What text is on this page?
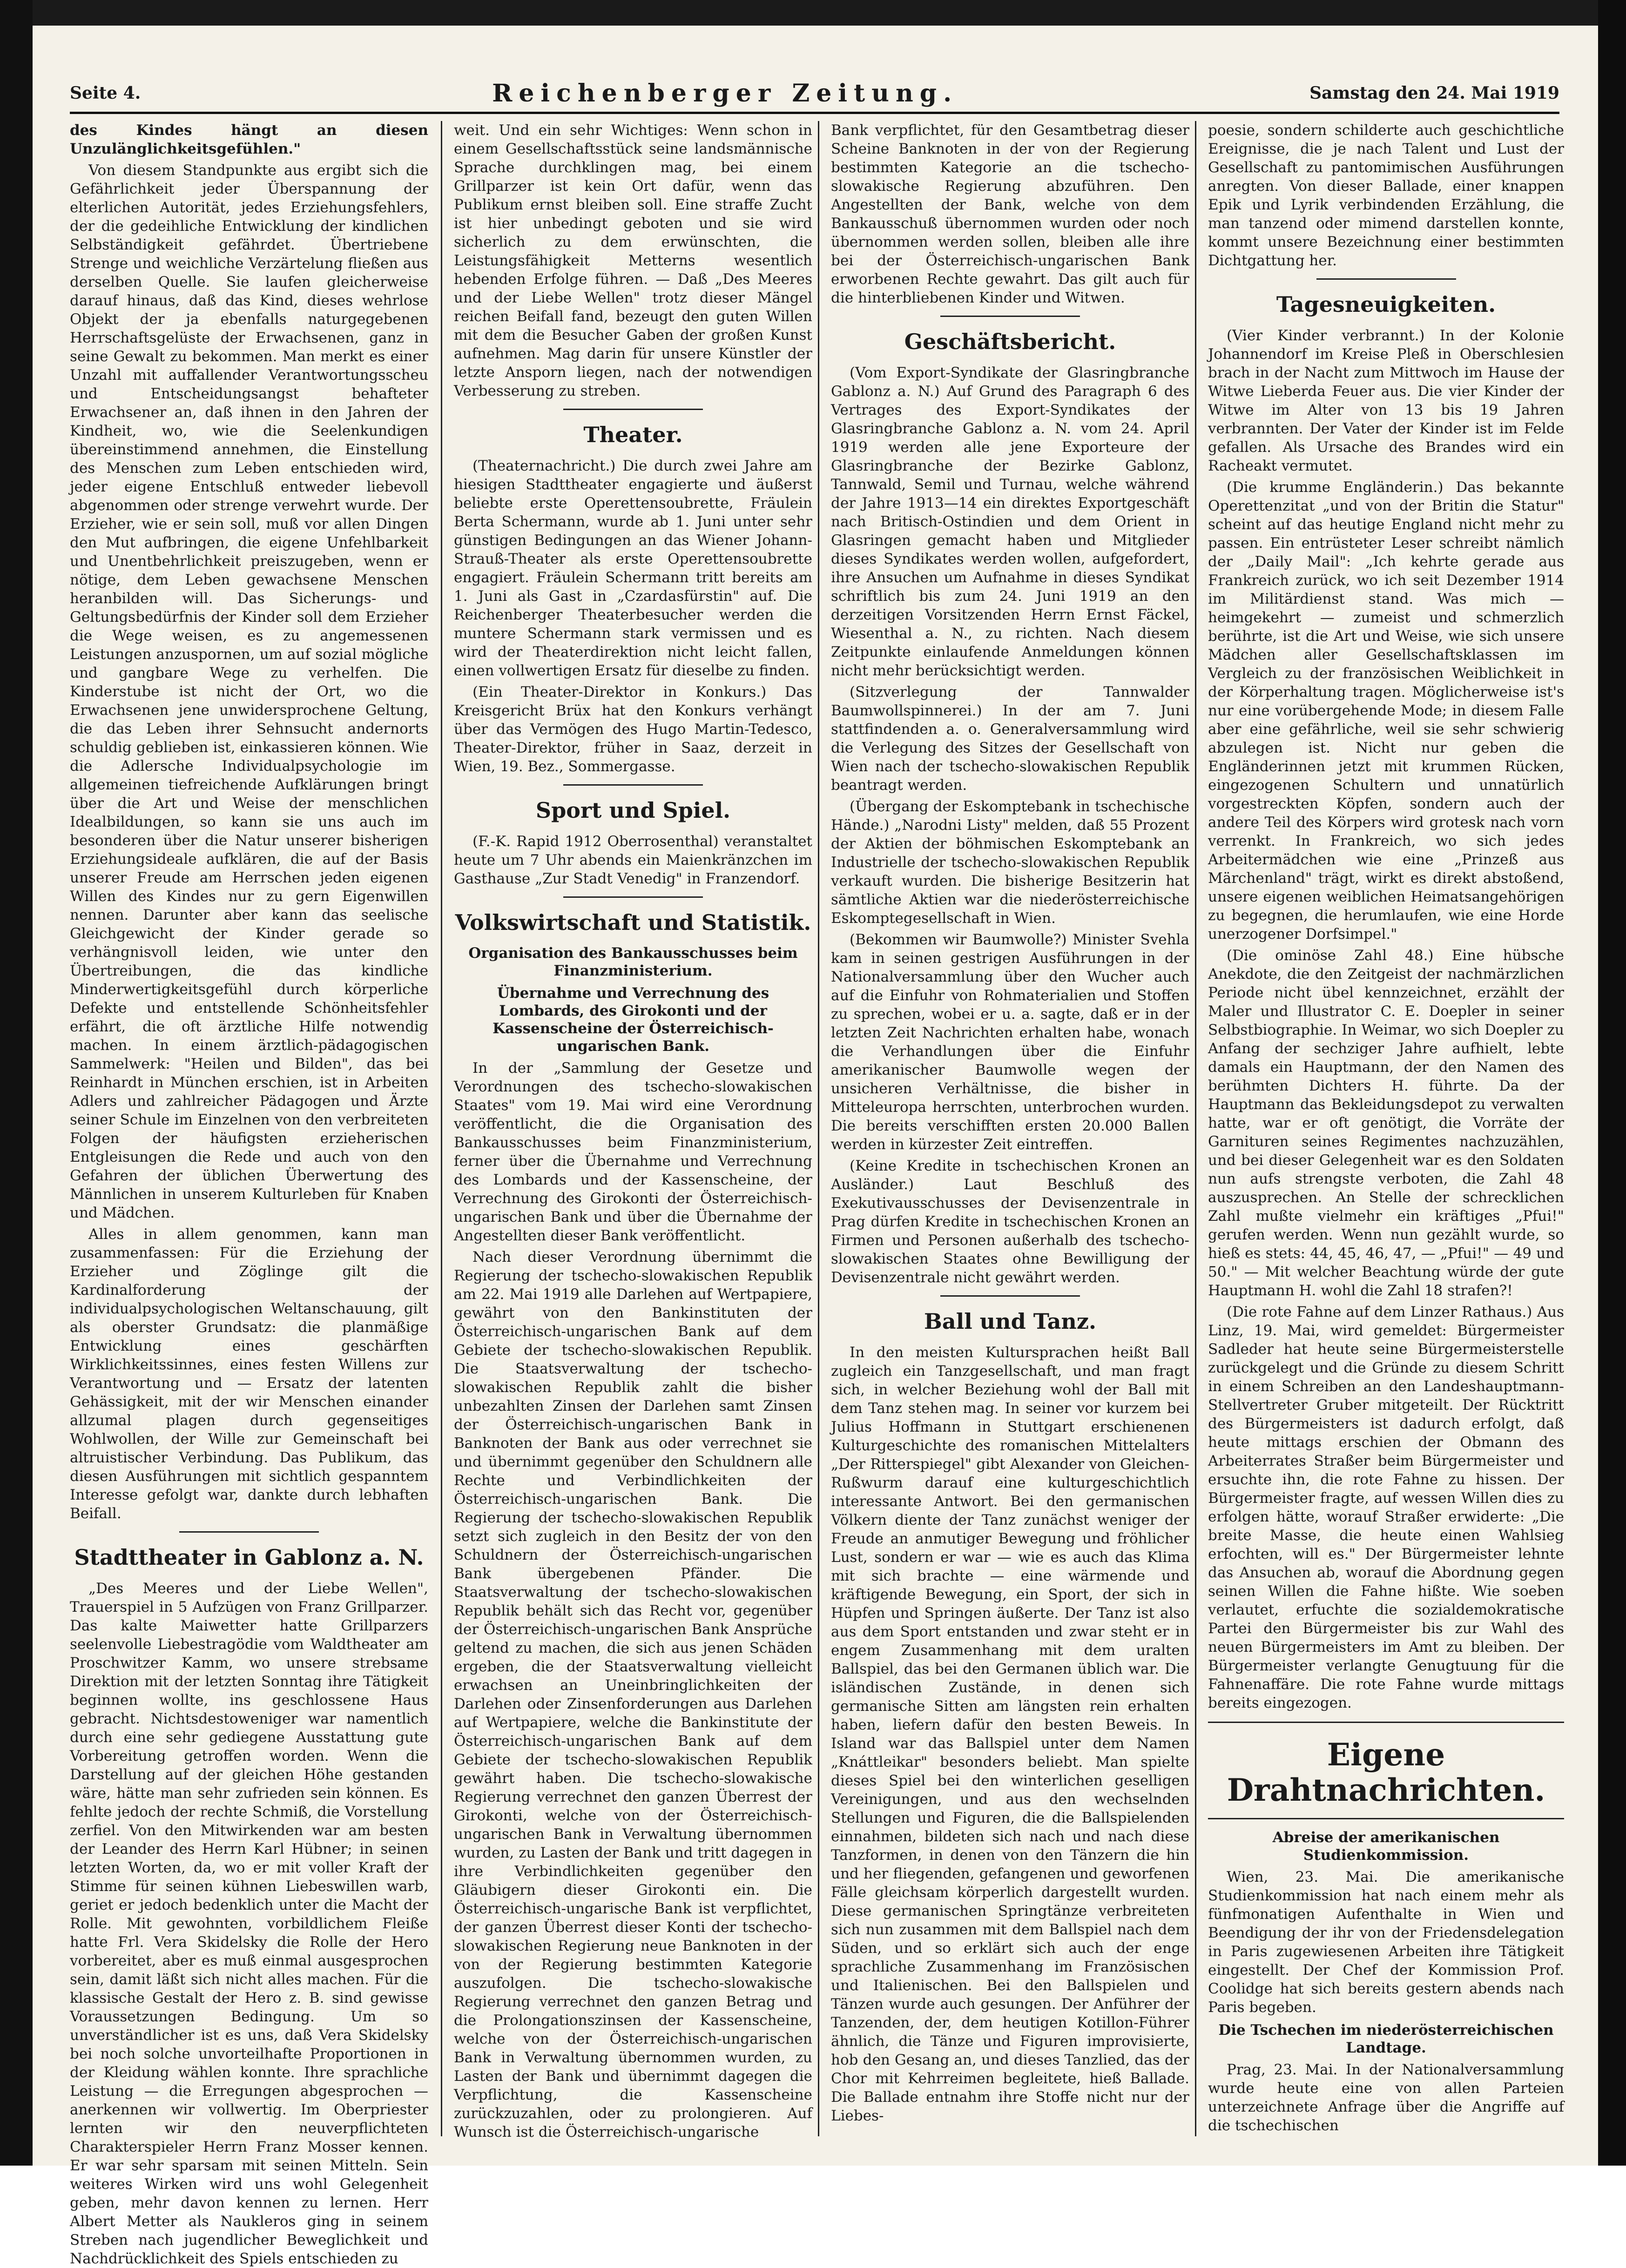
Seite 4.	Reichenberger Zeitung.	Samstag den 24. Mai 1919

des Kindes hängt an diesen Unzulänglichkeitsgefühlen."

Von diesem Standpunkte aus ergibt sich die Gefährlichkeit jeder Überspannung der elterlichen Autorität, jedes Erziehungsfehlers, der die gedeihliche Entwicklung der kindlichen Selbständigkeit gefährdet. Übertriebene Strenge und weichliche Verzärtelung fließen aus derselben Quelle. Sie laufen gleicherweise darauf hinaus, daß das Kind, dieses wehrlose Objekt der ja ebenfalls naturgegebenen Herrschaftsgelüste der Erwachsenen, ganz in seine Gewalt zu bekommen. Man merkt es einer Unzahl mit auffallender Verantwortungsscheu und Entscheidungsangst behafteter Erwachsener an, daß ihnen in den Jahren der Kindheit, wo, wie die Seelenkundigen übereinstimmend annehmen, die Einstellung des Menschen zum Leben entschieden wird, jeder eigene Entschluß entweder liebevoll abgenommen oder strenge verwehrt wurde. Der Erzieher, wie er sein soll, muß vor allen Dingen den Mut aufbringen, die eigene Unfehlbarkeit und Unentbehrlichkeit preiszugeben, wenn er nötige, dem Leben gewachsene Menschen heranbilden will. Das Sicherungs- und Geltungsbedürfnis der Kinder soll dem Erzieher die Wege weisen, es zu angemessenen Leistungen anzuspornen, um auf sozial mögliche und gangbare Wege zu verhelfen. Die Kinderstube ist nicht der Ort, wo die Erwachsenen jene unwidersprochene Geltung, die das Leben ihrer Sehnsucht andernorts schuldig geblieben ist, einkassieren können. Wie die Adlersche Individualpsychologie im allgemeinen tiefreichende Aufklärungen bringt über die Art und Weise der menschlichen Idealbildungen, so kann sie uns auch im besonderen über die Natur unserer bisherigen Erziehungsideale aufklären, die auf der Basis unserer Freude am Herrschen jeden eigenen Willen des Kindes nur zu gern Eigenwillen nennen. Darunter aber kann das seelische Gleichgewicht der Kinder gerade so verhängnisvoll leiden, wie unter den Übertreibungen, die das kindliche Minderwertigkeitsgefühl durch körperliche Defekte und entstellende Schönheitsfehler erfährt, die oft ärztliche Hilfe notwendig machen. In einem ärztlich-pädagogischen Sammelwerk: "Heilen und Bilden", das bei Reinhardt in München erschien, ist in Arbeiten Adlers und zahlreicher Pädagogen und Ärzte seiner Schule im Einzelnen von den verbreiteten Folgen der häufigsten erzieherischen Entgleisungen die Rede und auch von den Gefahren der üblichen Überwertung des Männlichen in unserem Kulturleben für Knaben und Mädchen.

Alles in allem genommen, kann man zusammenfassen: Für die Erziehung der Erzieher und Zöglinge gilt die Kardinalforderung der individualpsychologischen Weltanschauung, gilt als oberster Grundsatz: die planmäßige Entwicklung eines geschärften Wirklichkeitssinnes, eines festen Willens zur Verantwortung und — Ersatz der latenten Gehässigkeit, mit der wir Menschen einander allzumal plagen durch gegenseitiges Wohlwollen, der Wille zur Gemeinschaft bei altruistischer Verbindung. Das Publikum, das diesen Ausführungen mit sichtlich gespanntem Interesse gefolgt war, dankte durch lebhaften Beifall.

Stadttheater in Gablonz a. N.

„Des Meeres und der Liebe Wellen", Trauerspiel in 5 Aufzügen von Franz Grillparzer. Das kalte Maiwetter hatte Grillparzers seelenvolle Liebestragödie vom Waldtheater am Proschwitzer Kamm, wo unsere strebsame Direktion mit der letzten Sonntag ihre Tätigkeit beginnen wollte, ins geschlossene Haus gebracht. Nichtsdestoweniger war namentlich durch eine sehr gediegene Ausstattung gute Vorbereitung getroffen worden. Wenn die Darstellung auf der gleichen Höhe gestanden wäre, hätte man sehr zufrieden sein können. Es fehlte jedoch der rechte Schmiß, die Vorstellung zerfiel. Von den Mitwirkenden war am besten der Leander des Herrn Karl Hübner; in seinen letzten Worten, da, wo er mit voller Kraft der Stimme für seinen kühnen Liebeswillen warb, geriet er jedoch bedenklich unter die Macht der Rolle. Mit gewohnten, vorbildlichem Fleiße hatte Frl. Vera Skidelsky die Rolle der Hero vorbereitet, aber es muß einmal ausgesprochen sein, damit läßt sich nicht alles machen. Für die klassische Gestalt der Hero z. B. sind gewisse Voraussetzungen Bedingung. Um so unverständlicher ist es uns, daß Vera Skidelsky bei noch solche unvorteilhafte Proportionen in der Kleidung wählen konnte. Ihre sprachliche Leistung — die Erregungen abgesprochen — anerkennen wir vollwertig. Im Oberpriester lernten wir den neuverpflichteten Charakterspieler Herrn Franz Mosser kennen. Er war sehr sparsam mit seinen Mitteln. Sein weiteres Wirken wird uns wohl Gelegenheit geben, mehr davon kennen zu lernen. Herr Albert Metter als Naukleros ging in seinem Streben nach jugendlicher Beweglichkeit und Nachdrücklichkeit des Spiels entschieden zu

weit. Und ein sehr Wichtiges: Wenn schon in einem Gesellschaftsstück seine landsmännische Sprache durchklingen mag, bei einem Grillparzer ist kein Ort dafür, wenn das Publikum ernst bleiben soll. Eine straffe Zucht ist hier unbedingt geboten und sie wird sicherlich zu dem erwünschten, die Leistungsfähigkeit Metterns wesentlich hebenden Erfolge führen. — Daß „Des Meeres und der Liebe Wellen" trotz dieser Mängel reichen Beifall fand, bezeugt den guten Willen mit dem die Besucher Gaben der großen Kunst aufnehmen. Mag darin für unsere Künstler der letzte Ansporn liegen, nach der notwendigen Verbesserung zu streben.

Theater.

(Theaternachricht.) Die durch zwei Jahre am hiesigen Stadttheater engagierte und äußerst beliebte erste Operettensoubrette, Fräulein Berta Schermann, wurde ab 1. Juni unter sehr günstigen Bedingungen an das Wiener Johann-Strauß-Theater als erste Operettensoubrette engagiert. Fräulein Schermann tritt bereits am 1. Juni als Gast in „Czardasfürstin" auf. Die Reichenberger Theaterbesucher werden die muntere Schermann stark vermissen und es wird der Theaterdirektion nicht leicht fallen, einen vollwertigen Ersatz für dieselbe zu finden.

(Ein Theater-Direktor in Konkurs.) Das Kreisgericht Brüx hat den Konkurs verhängt über das Vermögen des Hugo Martin-Tedesco, Theater-Direktor, früher in Saaz, derzeit in Wien, 19. Bez., Sommergasse.

Sport und Spiel.

(F.-K. Rapid 1912 Oberrosenthal) veranstaltet heute um 7 Uhr abends ein Maienkränzchen im Gasthause „Zur Stadt Venedig" in Franzendorf.

Volkswirtschaft und Statistik.
Organisation des Bankausschusses beim Finanzministerium.
Übernahme und Verrechnung des Lombards, des Girokonti und der Kassenscheine der Österreichisch-ungarischen Bank.

In der „Sammlung der Gesetze und Verordnungen des tschecho-slowakischen Staates" vom 19. Mai wird eine Verordnung veröffentlicht, die die Organisation des Bankausschusses beim Finanzministerium, ferner über die Übernahme und Verrechnung des Lombards und der Kassenscheine, der Verrechnung des Girokonti der Österreichisch-ungarischen Bank und über die Übernahme der Angestellten dieser Bank veröffentlicht.

Nach dieser Verordnung übernimmt die Regierung der tschecho-slowakischen Republik am 22. Mai 1919 alle Darlehen auf Wertpapiere, gewährt von den Bankinstituten der Österreichisch-ungarischen Bank auf dem Gebiete der tschecho-slowakischen Republik. Die Staatsverwaltung der tschecho-slowakischen Republik zahlt die bisher unbezahlten Zinsen der Darlehen samt Zinsen der Österreichisch-ungarischen Bank in Banknoten der Bank aus oder verrechnet sie und übernimmt gegenüber den Schuldnern alle Rechte und Verbindlichkeiten der Österreichisch-ungarischen Bank. Die Regierung der tschecho-slowakischen Republik setzt sich zugleich in den Besitz der von den Schuldnern der Österreichisch-ungarischen Bank übergebenen Pfänder. Die Staatsverwaltung der tschecho-slowakischen Republik behält sich das Recht vor, gegenüber der Österreichisch-ungarischen Bank Ansprüche geltend zu machen, die sich aus jenen Schäden ergeben, die der Staatsverwaltung vielleicht erwachsen an Uneinbringlichkeiten der Darlehen oder Zinsenforderungen aus Darlehen auf Wertpapiere, welche die Bankinstitute der Österreichisch-ungarischen Bank auf dem Gebiete der tschecho-slowakischen Republik gewährt haben. Die tschecho-slowakische Regierung verrechnet den ganzen Überrest der Girokonti, welche von der Österreichisch-ungarischen Bank in Verwaltung übernommen wurden, zu Lasten der Bank und tritt dagegen in ihre Verbindlichkeiten gegenüber den Gläubigern dieser Girokonti ein. Die Österreichisch-ungarische Bank ist verpflichtet, der ganzen Überrest dieser Konti der tschecho-slowakischen Regierung neue Banknoten in der von der Regierung bestimmten Kategorie auszufolgen. Die tschecho-slowakische Regierung verrechnet den ganzen Betrag und die Prolongationszinsen der Kassenscheine, welche von der Österreichisch-ungarischen Bank in Verwaltung übernommen wurden, zu Lasten der Bank und übernimmt dagegen die Verpflichtung, die Kassenscheine zurückzuzahlen, oder zu prolongieren. Auf Wunsch ist die Österreichisch-ungarische

Bank verpflichtet, für den Gesamtbetrag dieser Scheine Banknoten in der von der Regierung bestimmten Kategorie an die tschecho-slowakische Regierung abzuführen. Den Angestellten der Bank, welche von dem Bankausschuß übernommen wurden oder noch übernommen werden sollen, bleiben alle ihre bei der Österreichisch-ungarischen Bank erworbenen Rechte gewahrt. Das gilt auch für die hinterbliebenen Kinder und Witwen.

Geschäftsbericht.

(Vom Export-Syndikate der Glasringbranche Gablonz a. N.) Auf Grund des Paragraph 6 des Vertrages des Export-Syndikates der Glasringbranche Gablonz a. N. vom 24. April 1919 werden alle jene Exporteure der Glasringbranche der Bezirke Gablonz, Tannwald, Semil und Turnau, welche während der Jahre 1913—14 ein direktes Exportgeschäft nach Britisch-Ostindien und dem Orient in Glasringen gemacht haben und Mitglieder dieses Syndikates werden wollen, aufgefordert, ihre Ansuchen um Aufnahme in dieses Syndikat schriftlich bis zum 24. Juni 1919 an den derzeitigen Vorsitzenden Herrn Ernst Fäckel, Wiesenthal a. N., zu richten. Nach diesem Zeitpunkte einlaufende Anmeldungen können nicht mehr berücksichtigt werden.

(Sitzverlegung der Tannwalder Baumwollspinnerei.) In der am 7. Juni stattfindenden a. o. Generalversammlung wird die Verlegung des Sitzes der Gesellschaft von Wien nach der tschecho-slowakischen Republik beantragt werden.

(Übergang der Eskomptebank in tschechische Hände.) „Narodni Listy" melden, daß 55 Prozent der Aktien der böhmischen Eskomptebank an Industrielle der tschecho-slowakischen Republik verkauft wurden. Die bisherige Besitzerin hat sämtliche Aktien war die niederösterreichische Eskomptegesellschaft in Wien.

(Bekommen wir Baumwolle?) Minister Svehla kam in seinen gestrigen Ausführungen in der Nationalversammlung über den Wucher auch auf die Einfuhr von Rohmaterialien und Stoffen zu sprechen, wobei er u. a. sagte, daß er in der letzten Zeit Nachrichten erhalten habe, wonach die Verhandlungen über die Einfuhr amerikanischer Baumwolle wegen der unsicheren Verhältnisse, die bisher in Mitteleuropa herrschten, unterbrochen wurden. Die bereits verschifften ersten 20.000 Ballen werden in kürzester Zeit eintreffen.

(Keine Kredite in tschechischen Kronen an Ausländer.) Laut Beschluß des Exekutivausschusses der Devisenzentrale in Prag dürfen Kredite in tschechischen Kronen an Firmen und Personen außerhalb des tschecho-slowakischen Staates ohne Bewilligung der Devisenzentrale nicht gewährt werden.

Ball und Tanz.

In den meisten Kultursprachen heißt Ball zugleich ein Tanzgesellschaft, und man fragt sich, in welcher Beziehung wohl der Ball mit dem Tanz stehen mag. In seiner vor kurzem bei Julius Hoffmann in Stuttgart erschienenen Kulturgeschichte des romanischen Mittelalters „Der Ritterspiegel" gibt Alexander von Gleichen-Rußwurm darauf eine kulturgeschichtlich interessante Antwort. Bei den germanischen Völkern diente der Tanz zunächst weniger der Freude an anmutiger Bewegung und fröhlicher Lust, sondern er war — wie es auch das Klima mit sich brachte — eine wärmende und kräftigende Bewegung, ein Sport, der sich in Hüpfen und Springen äußerte. Der Tanz ist also aus dem Sport entstanden und zwar steht er in engem Zusammenhang mit dem uralten Ballspiel, das bei den Germanen üblich war. Die isländischen Zustände, in denen sich germanische Sitten am längsten rein erhalten haben, liefern dafür den besten Beweis. In Island war das Ballspiel unter dem Namen „Knáttleikar" besonders beliebt. Man spielte dieses Spiel bei den winterlichen geselligen Vereinigungen, und aus den wechselnden Stellungen und Figuren, die die Ballspielenden einnahmen, bildeten sich nach und nach diese Tanzformen, in denen von den Tänzern die hin und her fliegenden, gefangenen und geworfenen Fälle gleichsam körperlich dargestellt wurden. Diese germanischen Springtänze verbreiteten sich nun zusammen mit dem Ballspiel nach dem Süden, und so erklärt sich auch der enge sprachliche Zusammenhang im Französischen und Italienischen. Bei den Ballspielen und Tänzen wurde auch gesungen. Der Anführer der Tanzenden, der, dem heutigen Kotillon-Führer ähnlich, die Tänze und Figuren improvisierte, hob den Gesang an, und dieses Tanzlied, das der Chor mit Kehrreimen begleitete, hieß Ballade. Die Ballade entnahm ihre Stoffe nicht nur der Liebes-

poesie, sondern schilderte auch geschichtliche Ereignisse, die je nach Talent und Lust der Gesellschaft zu pantomimischen Ausführungen anregten. Von dieser Ballade, einer knappen Epik und Lyrik verbindenden Erzählung, die man tanzend oder mimend darstellen konnte, kommt unsere Bezeichnung einer bestimmten Dichtgattung her.

Tagesneuigkeiten.

(Vier Kinder verbrannt.) In der Kolonie Johannendorf im Kreise Pleß in Oberschlesien brach in der Nacht zum Mittwoch im Hause der Witwe Lieberda Feuer aus. Die vier Kinder der Witwe im Alter von 13 bis 19 Jahren verbrannten. Der Vater der Kinder ist im Felde gefallen. Als Ursache des Brandes wird ein Racheakt vermutet.

(Die krumme Engländerin.) Das bekannte Operettenzitat „und von der Britin die Statur" scheint auf das heutige England nicht mehr zu passen. Ein entrüsteter Leser schreibt nämlich der „Daily Mail": „Ich kehrte gerade aus Frankreich zurück, wo ich seit Dezember 1914 im Militärdienst stand. Was mich — heimgekehrt — zumeist und schmerzlich berührte, ist die Art und Weise, wie sich unsere Mädchen aller Gesellschaftsklassen im Vergleich zu der französischen Weiblichkeit in der Körperhaltung tragen. Möglicherweise ist's nur eine vorübergehende Mode; in diesem Falle aber eine gefährliche, weil sie sehr schwierig abzulegen ist. Nicht nur geben die Engländerinnen jetzt mit krummen Rücken, eingezogenen Schultern und unnatürlich vorgestreckten Köpfen, sondern auch der andere Teil des Körpers wird grotesk nach vorn verrenkt. In Frankreich, wo sich jedes Arbeitermädchen wie eine „Prinzeß aus Märchenland" trägt, wirkt es direkt abstoßend, unsere eigenen weiblichen Heimatsangehörigen zu begegnen, die herumlaufen, wie eine Horde unerzogener Dorfsimpel."

(Die ominöse Zahl 48.) Eine hübsche Anekdote, die den Zeitgeist der nachmärzlichen Periode nicht übel kennzeichnet, erzählt der Maler und Illustrator C. E. Doepler in seiner Selbstbiographie. In Weimar, wo sich Doepler zu Anfang der sechziger Jahre aufhielt, lebte damals ein Hauptmann, der den Namen des berühmten Dichters H. führte. Da der Hauptmann das Bekleidungsdepot zu verwalten hatte, war er oft genötigt, die Vorräte der Garnituren seines Regimentes nachzuzählen, und bei dieser Gelegenheit war es den Soldaten nun aufs strengste verboten, die Zahl 48 auszusprechen. An Stelle der schrecklichen Zahl mußte vielmehr ein kräftiges „Pfui!" gerufen werden. Wenn nun gezählt wurde, so hieß es stets: 44, 45, 46, 47, — „Pfui!" — 49 und 50." — Mit welcher Beachtung würde der gute Hauptmann H. wohl die Zahl 18 strafen?!

(Die rote Fahne auf dem Linzer Rathaus.) Aus Linz, 19. Mai, wird gemeldet: Bürgermeister Sadleder hat heute seine Bürgermeisterstelle zurückgelegt und die Gründe zu diesem Schritt in einem Schreiben an den Landeshauptmann-Stellvertreter Gruber mitgeteilt. Der Rücktritt des Bürgermeisters ist dadurch erfolgt, daß heute mittags erschien der Obmann des Arbeiterrates Straßer beim Bürgermeister und ersuchte ihn, die rote Fahne zu hissen. Der Bürgermeister fragte, auf wessen Willen dies zu erfolgen hätte, worauf Straßer erwiderte: „Die breite Masse, die heute einen Wahlsieg erfochten, will es." Der Bürgermeister lehnte das Ansuchen ab, worauf die Abordnung gegen seinen Willen die Fahne hißte. Wie soeben verlautet, erfuchte die sozialdemokratische Partei den Bürgermeister bis zur Wahl des neuen Bürgermeisters im Amt zu bleiben. Der Bürgermeister verlangte Genugtuung für die Fahnenaffäre. Die rote Fahne wurde mittags bereits eingezogen.

Eigene Drahtnachrichten.
Abreise der amerikanischen Studienkommission.

Wien, 23. Mai. Die amerikanische Studienkommission hat nach einem mehr als fünfmonatigen Aufenthalte in Wien und Beendigung der ihr von der Friedensdelegation in Paris zugewiesenen Arbeiten ihre Tätigkeit eingestellt. Der Chef der Kommission Prof. Coolidge hat sich bereits gestern abends nach Paris begeben.

Die Tschechen im niederösterreichischen Landtage.

Prag, 23. Mai. In der Nationalversammlung wurde heute eine von allen Parteien unterzeichnete Anfrage über die Angriffe auf die tschechischen
